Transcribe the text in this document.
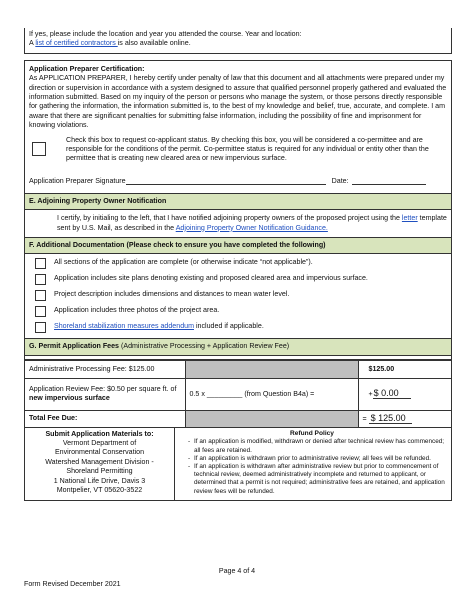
If yes, please include the location and year you attended the course. Year and location:
A list of certified contractors is also available online.
Application Preparer Certification:
As APPLICATION PREPARER, I hereby certify under penalty of law that this document and all attachments were prepared under my direction or supervision in accordance with a system designed to assure that qualified personnel properly gathered and evaluated the information submitted. Based on my inquiry of the person or persons who manage the system, or those persons directly responsible for gathering the information, the information submitted is, to the best of my knowledge and belief, true, accurate, and complete. I am aware that there are significant penalties for submitting false information, including the possibility of fine and imprisonment for knowing violations.
Check this box to request co-applicant status. By checking this box, you will be considered a co-permittee and are responsible for the conditions of the permit. Co-permittee status is required for any individual or entity other than the permittee that is creating new cleared area or new impervious surface.
Application Preparer Signature	Date:
E. Adjoining Property Owner Notification
I certify, by initialing to the left, that I have notified adjoining property owners of the proposed project using the letter template sent by U.S. Mail, as described in the Adjoining Property Owner Notification Guidance.
F. Additional Documentation (Please check to ensure you have completed the following)
All sections of the application are complete (or otherwise indicate “not applicable”).
Application includes site plans denoting existing and proposed cleared area and impervious surface.
Project description includes dimensions and distances to mean water level.
Application includes three photos of the project area.
Shoreland stabilization measures addendum included if applicable.
G. Permit Application Fees (Administrative Processing + Application Review Fee)
Administrative Processing Fee: $125.00		$125.00
Application Review Fee: $0.50 per square ft. of new impervious surface	0.5 x _________ (from Question B4a) =	+$ 0.00
Total Fee Due:		= $ 125.00
Submit Application Materials to:
Vermont Department of
Environmental Conservation
Watershed Management Division -
Shoreland Permitting
1 National Life Drive, Davis 3
Montpelier, VT 05620-3522
Refund Policy
- If an application is modified, withdrawn or denied after technical review has commenced; all fees are retained.
- If an application is withdrawn prior to administrative review; all fees will be refunded.
- If an application is withdrawn after administrative review but prior to commencement of technical review, deemed administratively incomplete and returned to applicant, or determined that a permit is not required; administrative fees are retained, and application review fees will be refunded.
Page 4 of 4
Form Revised December 2021
